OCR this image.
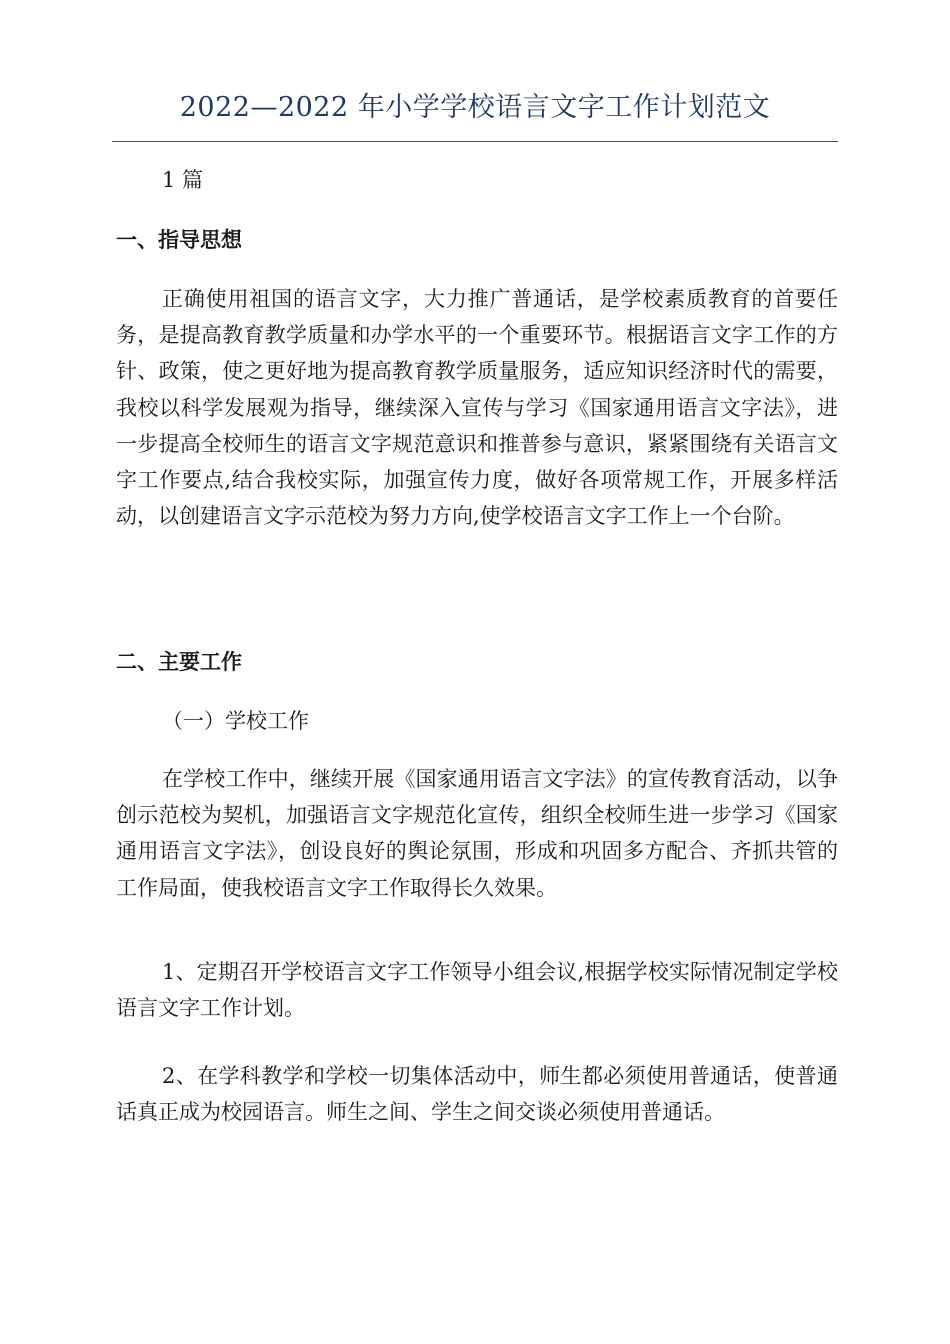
2022—2022 年小学学校语言文字工作计划范文

1 篇

一、指导思想

正确使用祖国的语言文字，大力推广普通话，是学校素质教育的首要任务，是提高教育教学质量和办学水平的一个重要环节。根据语言文字工作的方针、政策，使之更好地为提高教育教学质量服务，适应知识经济时代的需要，我校以科学发展观为指导，继续深入宣传与学习《国家通用语言文字法》，进一步提高全校师生的语言文字规范意识和推普参与意识，紧紧围绕有关语言文字工作要点,结合我校实际，加强宣传力度，做好各项常规工作，开展多样活动，以创建语言文字示范校为努力方向,使学校语言文字工作上一个台阶。

二、主要工作

（一）学校工作

在学校工作中，继续开展《国家通用语言文字法》的宣传教育活动，以争创示范校为契机，加强语言文字规范化宣传，组织全校师生进一步学习《国家通用语言文字法》，创设良好的舆论氛围，形成和巩固多方配合、齐抓共管的工作局面，使我校语言文字工作取得长久效果。

1、定期召开学校语言文字工作领导小组会议,根据学校实际情况制定学校语言文字工作计划。

2、在学科教学和学校一切集体活动中，师生都必须使用普通话，使普通话真正成为校园语言。师生之间、学生之间交谈必须使用普通话。
